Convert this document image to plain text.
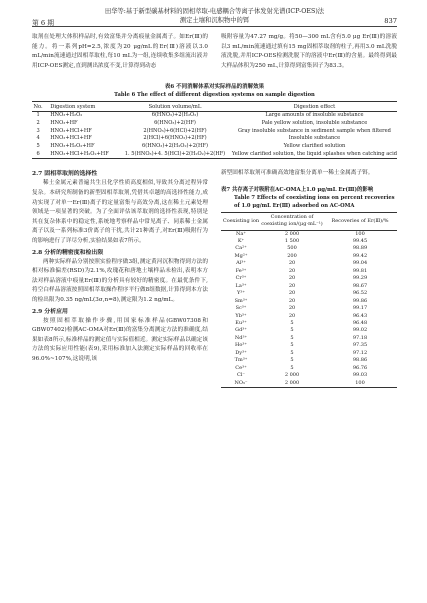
田华等:基于新型碳基材料的固相萃取-电感耦合等离子体发射光谱(ICP-OES)法
第 6 期	测定土壤和沉积物中的铒	837

取剂在处理大体积样品时,有效富集并分离痕量金属离子。如Er(Ⅲ)的能力。将一系列pH=2.5,浓度为20 μg/mL的Er(Ⅲ)溶液以3.0 mL/min流速通过固相萃取柱,每10 mL为一组,连续收集多组流出液并用ICP-OES测定,直到测出浓度不变,计算得到动态

吸附容量为47.27 mg/g。将50—300 mL含有5.0 μg Er(Ⅲ)的溶液以3 mL/min流速通过填有15 mg固相萃取剂的柱子,再用3.0 mL洗脱液洗脱,并用ICP-OES检测洗脱下的溶液中Er(Ⅲ)的含量。最终得到最大样品体积为250 mL,计算得到富集因子为83.3。

表6 不同消解体系对实际样品的消解效果
Table 6 The effect of different digestion systems on sample digestion
No.	Digestion system	Solution volume/mL	Digestion effect
1	HNO₃+H₂O₂	6(HNO₃)+2(H₂O₂)	Large amounts of insoluble substance
2	HNO₃+HF	6(HNO₃)+2(HF)	Pale yellow solution, insoluble substance
3	HNO₃+HCl+HF	2(HNO₃)+6(HCl)+2(HF)	Gray insoluble substance in sediment sample when filtered
4	HNO₃+HCl+HF	2(HCl)+6(HNO₃)+2(HF)	Insoluble substance
5	HNO₃+H₂O₂+HF	6(HNO₃)+2(H₂O₂)+2(HF)	Yellow clarified solution
6	HNO₃+HCl+H₂O₂+HF	1. 5(HNO₃)+4. 5(HCl)+2(H₂O₂)+2(HF)	Yellow clarified solution, the liquid splashes when catching acid

2.7 固相萃取剂的选择性

稀土金属元素普遍共生且化学性质高度相似,导致其分离过程异常复杂。本研究所制备的新型固相萃取剂,凭借其卓越的高选择性能力,成功实现了对单一Er(Ⅲ)离子的定量富集与高效分离,这在稀土元素处理领域是一项显著的突破。为了全面评估该萃取剂的选择性表现,特别是其在复杂体系中的稳定性,系统地考察样品中常见离子、同系稀土金属离子以及一系列标准3价离子的干扰,共计21种离子,对Er(Ⅲ)吸附行为的影响进行了详尽分析,实验结果如表7所示。

2.8 分析的精密度和检出限

两种实际样品分别按照实验程序做3组,测定黄河沉积物得到方法的相对标准偏差(RSD)为2.1%,攻瑰花和唐地土壤样品未检出,表明本方法对样品溶液中痕量Er(Ⅲ)的分析具有较好的精密度。在最优条件下,将空白样品溶液按照固相萃取操作程序平行做8组数据,计算得到本方法的检出限为0.35 ng/mL(3σ,n=8),测定限为1.2 ng/mL。

2.9 分析应用

按照固相萃取操作步骤,用国家标准样品(GBW07308和GBW07402)检测AC-OMA对Er(Ⅲ)的富集分离测定方法的准确度,结果如表8所示,标准样品的测定值与实际值相近。测定实际样品以确定该方法的实际应用性能(表9),采用标准加入法测定实际样品的回收率在96.0%~107%,这说明,该

新型固相萃取剂可准确高效地富集分离单一稀土金属离子铒。

表7 共存离子对吸附在AC-OMA上1.0 μg/mL Er(Ⅲ)的影响
Table 7 Effects of coexisting ions on percent recoveries of 1.0 μg/mL Er(Ⅲ) adsorbed on AC-OMA
Coexisting ion	Concentration of coexisting ion/(μg·mL⁻¹)	Recoveries of Er(Ⅲ)/%
Na⁺	2 000	100
K⁺	1 500	99.45
Ca²⁺	500	98.89
Mg²⁺	200	99.42
Al³⁺	20	99.04
Fe³⁺	20	99.81
Cr³⁺	20	99.29
La³⁺	20	98.67
Y³⁺	20	96.52
Sm³⁺	20	99.86
Sc³⁺	20	99.17
Yb³⁺	20	96.43
Eu³⁺	5	96.48
Gd³⁺	5	99.02
Nd³⁺	5	97.18
Ho³⁺	5	97.35
Dy³⁺	5	97.12
Tm³⁺	5	98.86
Ce³⁺	5	96.76
Cl⁻	2 000	99.03
NO₃⁻	2 000	100
